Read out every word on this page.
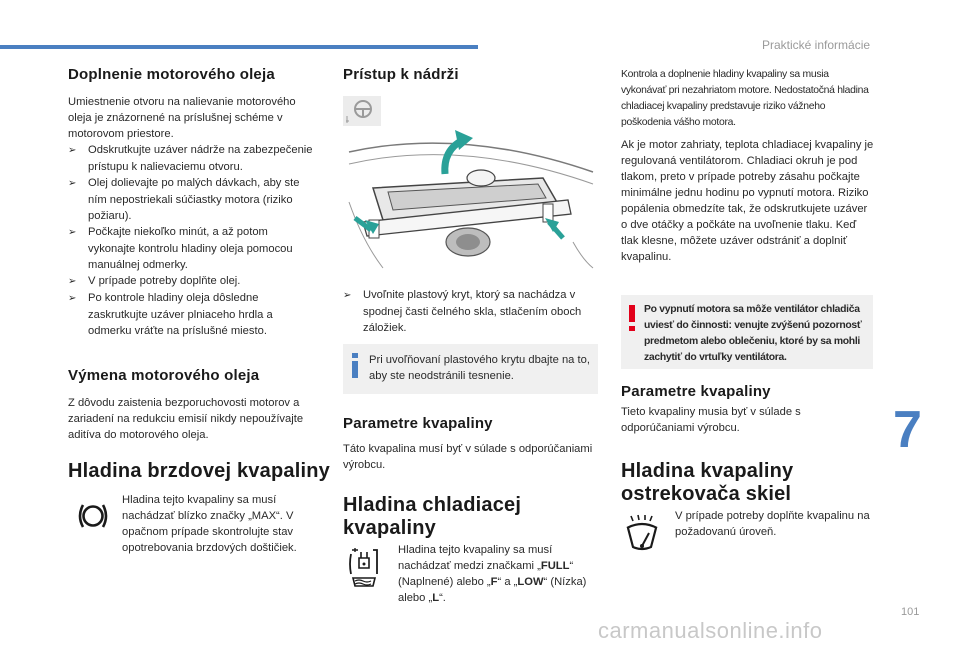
Praktické informácie
Doplnenie motorového oleja

Umiestnenie otvoru na nalievanie motorového oleja je znázornené na príslušnej schéme v motorovom priestore.

➢ Odskrutkujte uzáver nádrže na zabezpečenie prístupu k nalievaciemu otvoru.

➢ Olej dolievajte po malých dávkach, aby ste ním nepostriekali súčiastky motora (riziko požiaru).

➢ Počkajte niekoľko minút, a až potom vykonajte kontrolu hladiny oleja pomocou manuálnej odmerky.

➢ V prípade potreby doplňte olej.

➢ Po kontrole hladiny oleja dôsledne zaskrutkujte uzáver plniaceho hrdla a odmerku vráťte na príslušné miesto.

Výmena motorového oleja
Z dôvodu zaistenia bezporuchovosti motorov a zariadení na redukciu emisií nikdy nepoužívajte aditíva do motorového oleja.
Hladina brzdovej kvapaliny
Hladina tejto kvapaliny sa musí nachádzať blízko značky „MAX“. V opačnom prípade skontrolujte stav opotrebovania brzdových doštičiek.
Prístup k nádrži

➢ Uvoľnite plastový kryt, ktorý sa nachádza v spodnej časti čelného skla, stlačením oboch záložiek.

Pri uvoľňovaní plastového krytu dbajte na to, aby ste neodstránili tesnenie.
Parametre kvapaliny
Táto kvapalina musí byť v súlade s odporúčaniami výrobcu.
Hladina chladiacej kvapaliny
Hladina tejto kvapaliny sa musí nachádzať medzi značkami „FULL“ (Naplnené) alebo „F“ a „LOW“ (Nízka) alebo „L“.
Kontrola a doplnenie hladiny kvapaliny sa musia vykonávať pri nezahriatom motore. Nedostatočná hladina chladiacej kvapaliny predstavuje riziko vážneho poškodenia vášho motora.
Ak je motor zahriaty, teplota chladiacej kvapaliny je regulovaná ventilátorom. Chladiaci okruh je pod tlakom, preto v prípade potreby zásahu počkajte minimálne jednu hodinu po vypnutí motora. Riziko popálenia obmedzíte tak, že odskrutkujete uzáver o dve otáčky a počkáte na uvoľnenie tlaku. Keď tlak klesne, môžete uzáver odstrániť a doplniť kvapalinu.
Po vypnutí motora sa môže ventilátor chladiča uviesť do činnosti: venujte zvýšenú pozornosť predmetom alebo oblečeniu, ktoré by sa mohli zachytiť do vrtuľky ventilátora.
Parametre kvapaliny
Tieto kvapaliny musia byť v súlade s odporúčaniami výrobcu.
Hladina kvapaliny ostrekovača skiel
V prípade potreby doplňte kvapalinu na požadovanú úroveň.
7
101
carmanualsonline.info
